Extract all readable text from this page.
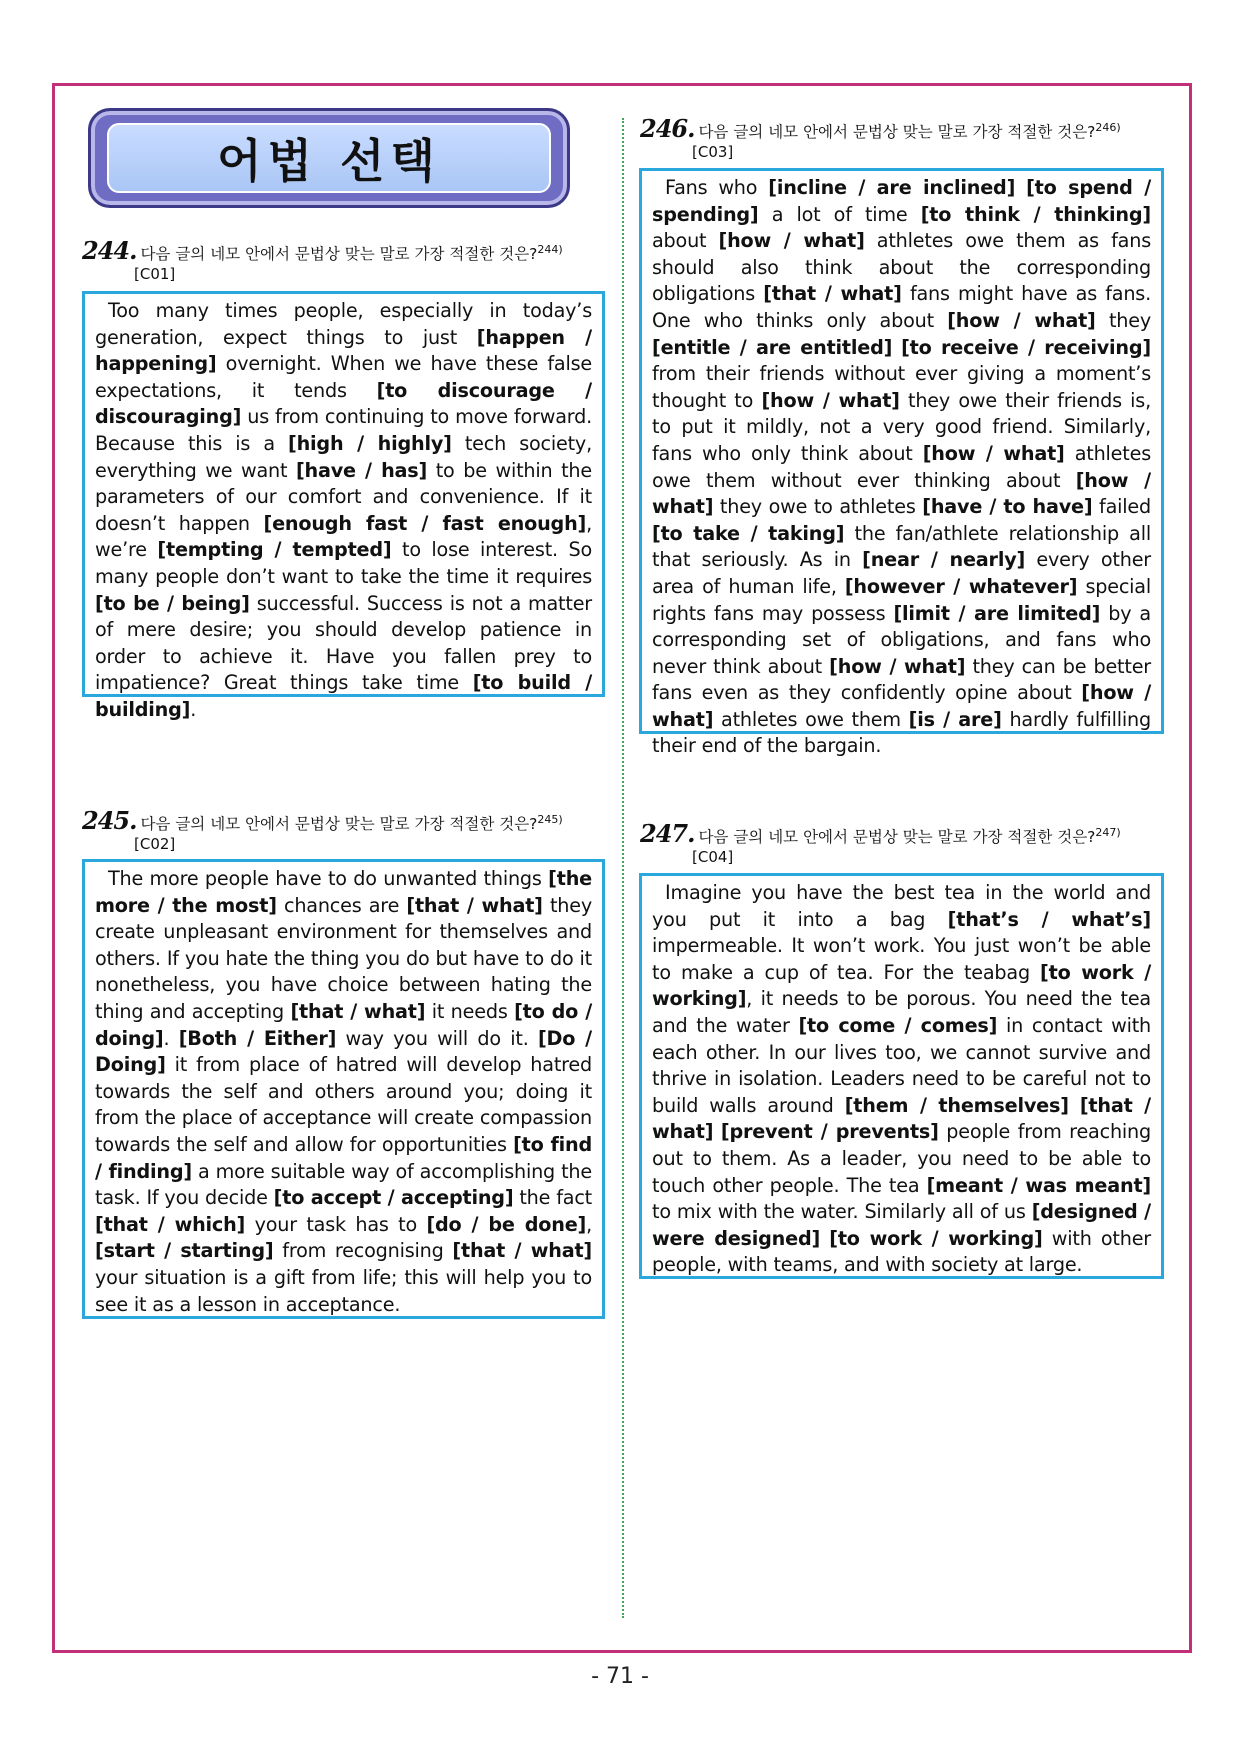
어법 선택
244. 다음 글의 네모 안에서 문법상 맞는 말로 가장 적절한 것은?$^{244)}$
[C01]
Too many times people, especially in today’s generation, expect things to just [happen / happening] overnight. When we have these false expectations, it tends [to discourage / discouraging] us from continuing to move forward. Because this is a [high / highly] tech society, everything we want [have / has] to be within the parameters of our comfort and convenience. If it doesn’t happen [enough fast / fast enough], we’re [tempting / tempted] to lose interest. So many people don’t want to take the time it requires [to be / being] successful. Success is not a matter of mere desire; you should develop patience in order to achieve it. Have you fallen prey to impatience? Great things take time [to build / building].
245. 다음 글의 네모 안에서 문법상 맞는 말로 가장 적절한 것은?$^{245)}$
[C02]
The more people have to do unwanted things [the more / the most] chances are [that / what] they create unpleasant environment for themselves and others. If you hate the thing you do but have to do it nonetheless, you have choice between hating the thing and accepting [that / what] it needs [to do / doing]. [Both / Either] way you will do it. [Do / Doing] it from place of hatred will develop hatred towards the self and others around you; doing it from the place of acceptance will create compassion towards the self and allow for opportunities [to find / finding] a more suitable way of accomplishing the task. If you decide [to accept / accepting] the fact [that / which] your task has to [do / be done], [start / starting] from recognising [that / what] your situation is a gift from life; this will help you to see it as a lesson in acceptance.
246. 다음 글의 네모 안에서 문법상 맞는 말로 가장 적절한 것은?$^{246)}$
[C03]
Fans who [incline / are inclined] [to spend / spending] a lot of time [to think / thinking] about [how / what] athletes owe them as fans should also think about the corresponding obligations [that / what] fans might have as fans. One who thinks only about [how / what] they [entitle / are entitled] [to receive / receiving] from their friends without ever giving a moment’s thought to [how / what] they owe their friends is, to put it mildly, not a very good friend. Similarly, fans who only think about [how / what] athletes owe them without ever thinking about [how / what] they owe to athletes [have / to have] failed [to take / taking] the fan/athlete relationship all that seriously. As in [near / nearly] every other area of human life, [however / whatever] special rights fans may possess [limit / are limited] by a corresponding set of obligations, and fans who never think about [how / what] they can be better fans even as they confidently opine about [how / what] athletes owe them [is / are] hardly fulfilling their end of the bargain.
247. 다음 글의 네모 안에서 문법상 맞는 말로 가장 적절한 것은?$^{247)}$
[C04]
Imagine you have the best tea in the world and you put it into a bag [that’s / what’s] impermeable. It won’t work. You just won’t be able to make a cup of tea. For the teabag [to work / working], it needs to be porous. You need the tea and the water [to come / comes] in contact with each other. In our lives too, we cannot survive and thrive in isolation. Leaders need to be careful not to build walls around [them / themselves] [that / what] [prevent / prevents] people from reaching out to them. As a leader, you need to be able to touch other people. The tea [meant / was meant] to mix with the water. Similarly all of us [designed / were designed] [to work / working] with other people, with teams, and with society at large.
- 71 -
